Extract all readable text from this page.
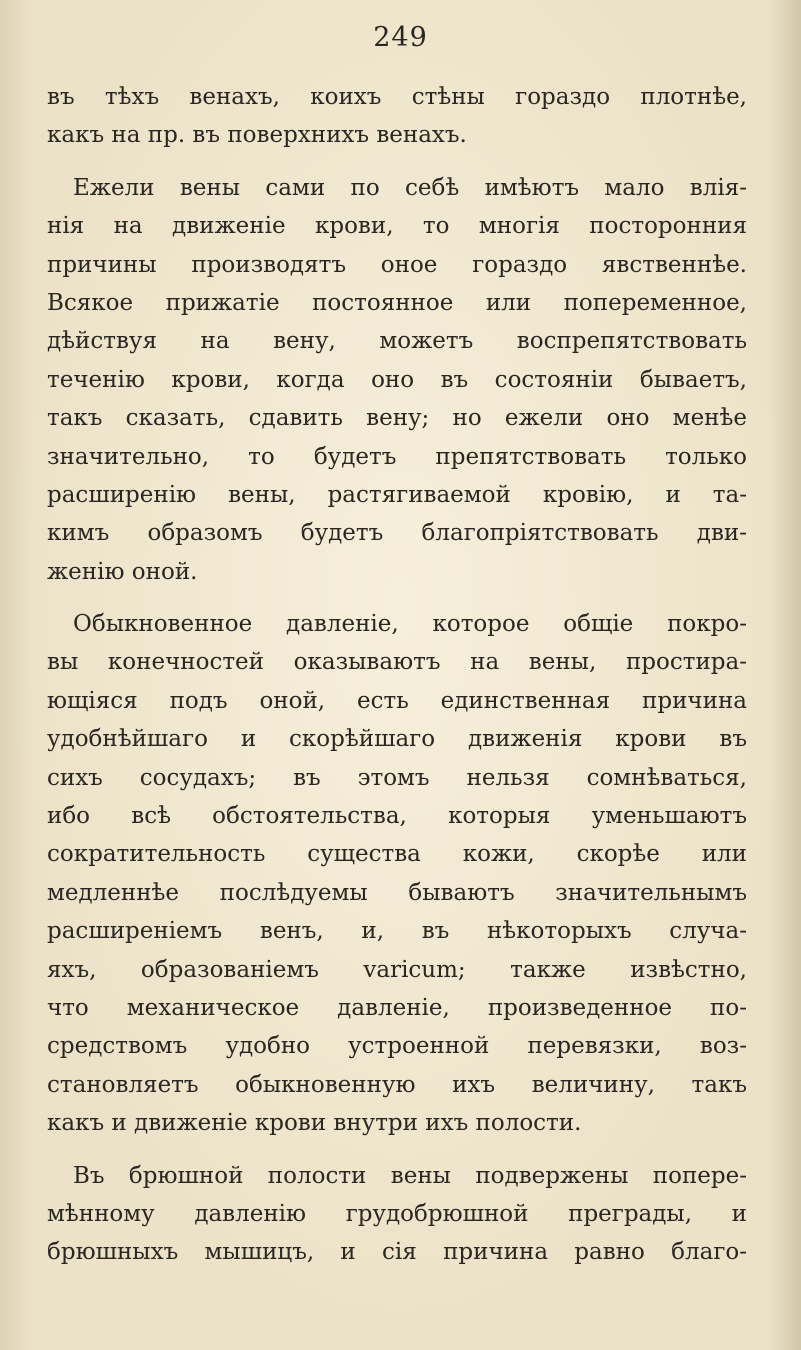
249
въ тѣхъ венахъ, коихъ стѣны гораздо плотнѣе,
какъ на пр. въ поверхнихъ венахъ.
Ежели вены сами по себѣ имѣютъ мало влія-
нія на движеніе крови, то многія посторонния
причины производятъ оное гораздо явственнѣе.
Всякое прижатіе постоянное или попеременное,
дѣйствуя на вену, можетъ воспрепятствовать
теченію крови, когда оно въ состояніи бываетъ,
такъ сказать, сдавить вену; но ежели оно менѣе
значительно, то будетъ препятствовать только
расширенію вены, растягиваемой кровію, и та-
кимъ образомъ будетъ благопріятствовать дви-
женію оной.
Обыкновенное давленіе, которое общіе покро-
вы конечностей оказываютъ на вены, простира-
ющіяся подъ оной, есть единственная причина
удобнѣйшаго и скорѣйшаго движенія крови въ
сихъ сосудахъ; въ этомъ нельзя сомнѣваться,
ибо всѣ обстоятельства, которыя уменьшаютъ
сократительность существа кожи, скорѣе или
медленнѣе послѣдуемы бываютъ значительнымъ
расширеніемъ венъ, и, въ нѣкоторыхъ случа-
яхъ, образованіемъ varicum; также извѣстно,
что механическое давленіе, произведенное по-
средствомъ удобно устроенной перевязки, воз-
становляетъ обыкновенную ихъ величину, такъ
какъ и движеніе крови внутри ихъ полости.
Въ брюшной полости вены подвержены попере-
мѣнному давленію грудобрюшной преграды, и
брюшныхъ мышицъ, и сія причина равно благо-
